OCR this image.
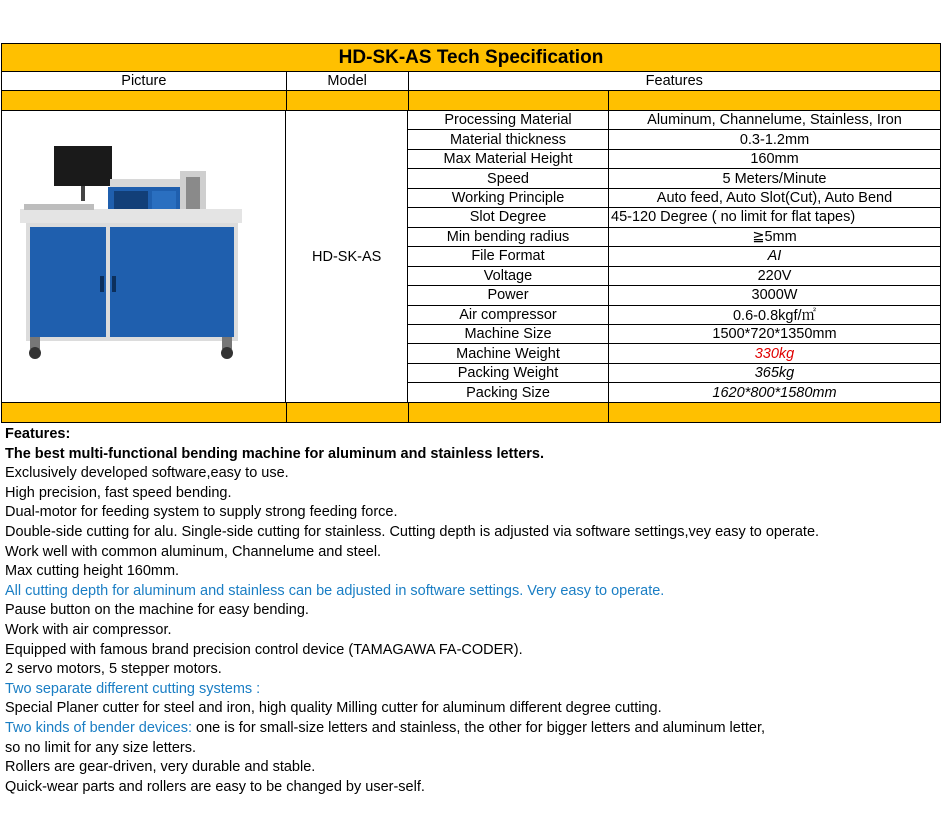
HD-SK-AS Tech Specification
Picture	Model	Features
HD-SK-AS
Processing Material	Aluminum, Channelume, Stainless, Iron
Material thickness	0.3-1.2mm
Max Material Height	160mm
Speed	5 Meters/Minute
Working Principle	Auto feed, Auto Slot(Cut), Auto Bend
Slot Degree	45-120 Degree ( no limit for flat tapes)
Min bending radius	≧5mm
File Format	AI
Voltage	220V
Power	3000W
Air compressor	0.6-0.8kgf/㎡
Machine Size	1500*720*1350mm
Machine Weight	330kg
Packing Weight	365kg
Packing Size	1620*800*1580mm
Features:
The best multi-functional bending machine for aluminum and stainless letters.
Exclusively developed software,easy to use.
High precision, fast speed bending.
Dual-motor for feeding system to supply strong feeding force.
Double-side cutting for alu. Single-side cutting for stainless. Cutting depth is adjusted via software settings,vey easy to operate.
Work well with common aluminum, Channelume and steel.
Max cutting height 160mm.
All cutting depth for aluminum and stainless can be adjusted in software settings. Very easy to operate.
Pause button on the machine for easy bending.
Work with air compressor.
Equipped with famous brand precision control device (TAMAGAWA FA-CODER).
2 servo motors, 5 stepper motors.
Two separate different cutting systems :
Special Planer cutter for steel and iron, high quality Milling cutter for aluminum different degree cutting.
Two kinds of bender devices: one is for small-size letters and stainless, the other for bigger letters and aluminum letter,
so no limit for any size letters.
Rollers are gear-driven, very durable and stable.
Quick-wear parts and rollers are easy to be changed by user-self.
